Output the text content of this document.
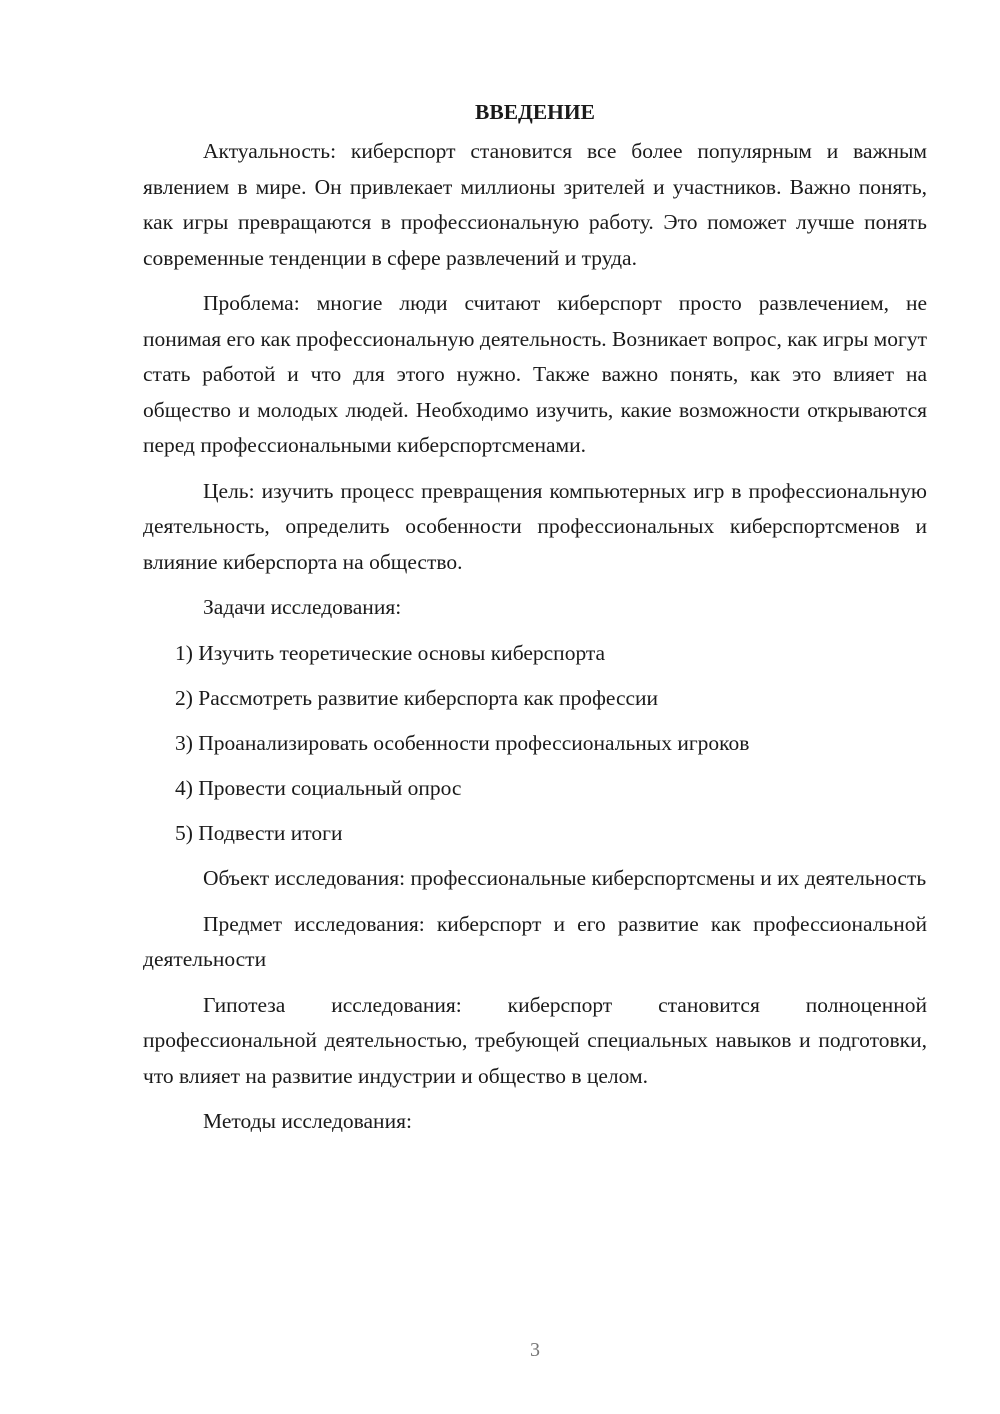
ВВЕДЕНИЕ

Актуальность: киберспорт становится все более популярным и важным явлением в мире. Он привлекает миллионы зрителей и участников. Важно понять, как игры превращаются в профессиональную работу. Это поможет лучше понять современные тенденции в сфере развлечений и труда.

Проблема: многие люди считают киберспорт просто развлечением, не понимая его как профессиональную деятельность. Возникает вопрос, как игры могут стать работой и что для этого нужно. Также важно понять, как это влияет на общество и молодых людей. Необходимо изучить, какие возможности открываются перед профессиональными киберспортсменами.

Цель: изучить процесс превращения компьютерных игр в профессиональную деятельность, определить особенности профессиональных киберспортсменов и влияние киберспорта на общество.

Задачи исследования:

1) Изучить теоретические основы киберспорта
2) Рассмотреть развитие киберспорта как профессии
3) Проанализировать особенности профессиональных игроков
4) Провести социальный опрос
5) Подвести итоги

Объект исследования: профессиональные киберспортсмены и их деятельность

Предмет исследования: киберспорт и его развитие как профессиональной деятельности

Гипотеза исследования: киберспорт становится полноценной профессиональной деятельностью, требующей специальных навыков и подготовки, что влияет на развитие индустрии и общество в целом.

Методы исследования:

3
